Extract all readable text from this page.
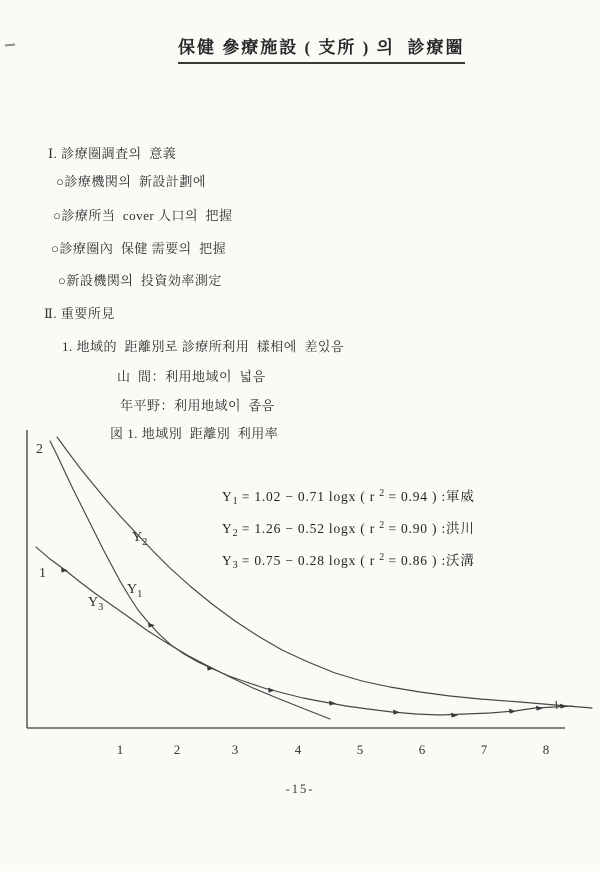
保健 參療施設 ( 支所 ) 의  診療圈
Ⅰ. 診療圈調査의  意義
○診療機関의  新設計劃에
○診療所当  cover 人口의  把握
○診療圈內  保健 需要의  把握
○新設機関의  投資効率測定
Ⅱ. 重要所見
1. 地域的  距離別로 診療所利用  樣相에  差있음
山  間：利用地域이  넓음
年平野：利用地域이  좁음
図 1. 地域別  距離別  利用率
$Y_1 = 1.02 - 0.71$ logx ( r $^2$ = 0.94 ) :軍威
$Y_2 = 1.26 - 0.52$ logx ( r $^2$ = 0.90 ) :洪川
$Y_3 = 0.75 - 0.28$ logx ( r $^2$ = 0.86 ) :沃溝
1	2	3	4	5	6	7	8
$Y_2$
2
$Y_1$
1
$Y_3$
-15-
